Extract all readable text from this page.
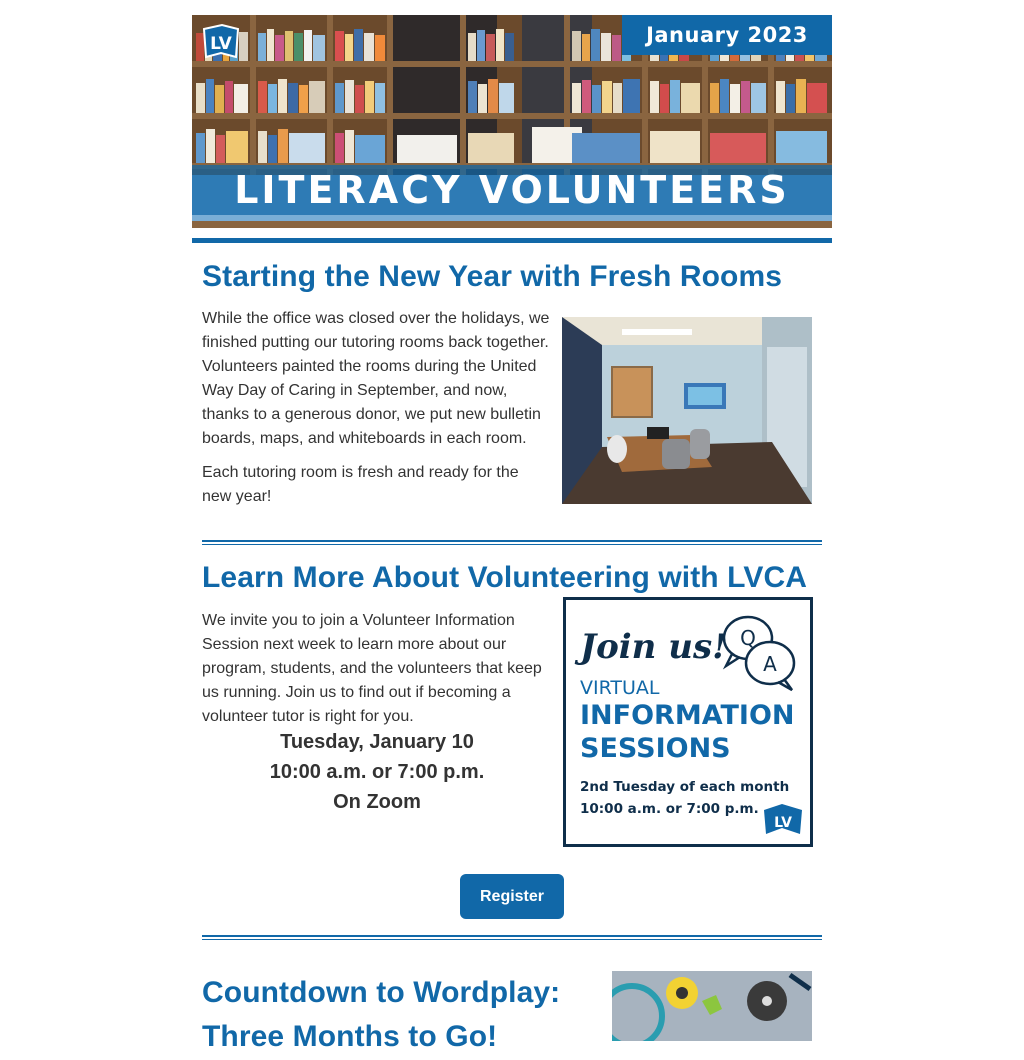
LV	January 2023
LITERACY VOLUNTEERS
Starting the New Year with Fresh Rooms

While the office was closed over the holidays, we finished putting our tutoring rooms back together. Volunteers painted the rooms during the United Way Day of Caring in September, and now, thanks to a generous donor, we put new bulletin boards, maps, and whiteboards in each room.

Each tutoring room is fresh and ready for the new year!

Learn More About Volunteering with LVCA

We invite you to join a Volunteer Information Session next week to learn more about our program, students, and the volunteers that keep us running. Join us to find out if becoming a volunteer tutor is right for you.

Tuesday, January 10
10:00 a.m. or 7:00 p.m.
On Zoom
Join us! Q
A
VIRTUAL
INFORMATION
SESSIONS
2nd Tuesday of each month
10:00 a.m. or 7:00 p.m.
LV
Register
Countdown to Wordplay:
Three Months to Go!
